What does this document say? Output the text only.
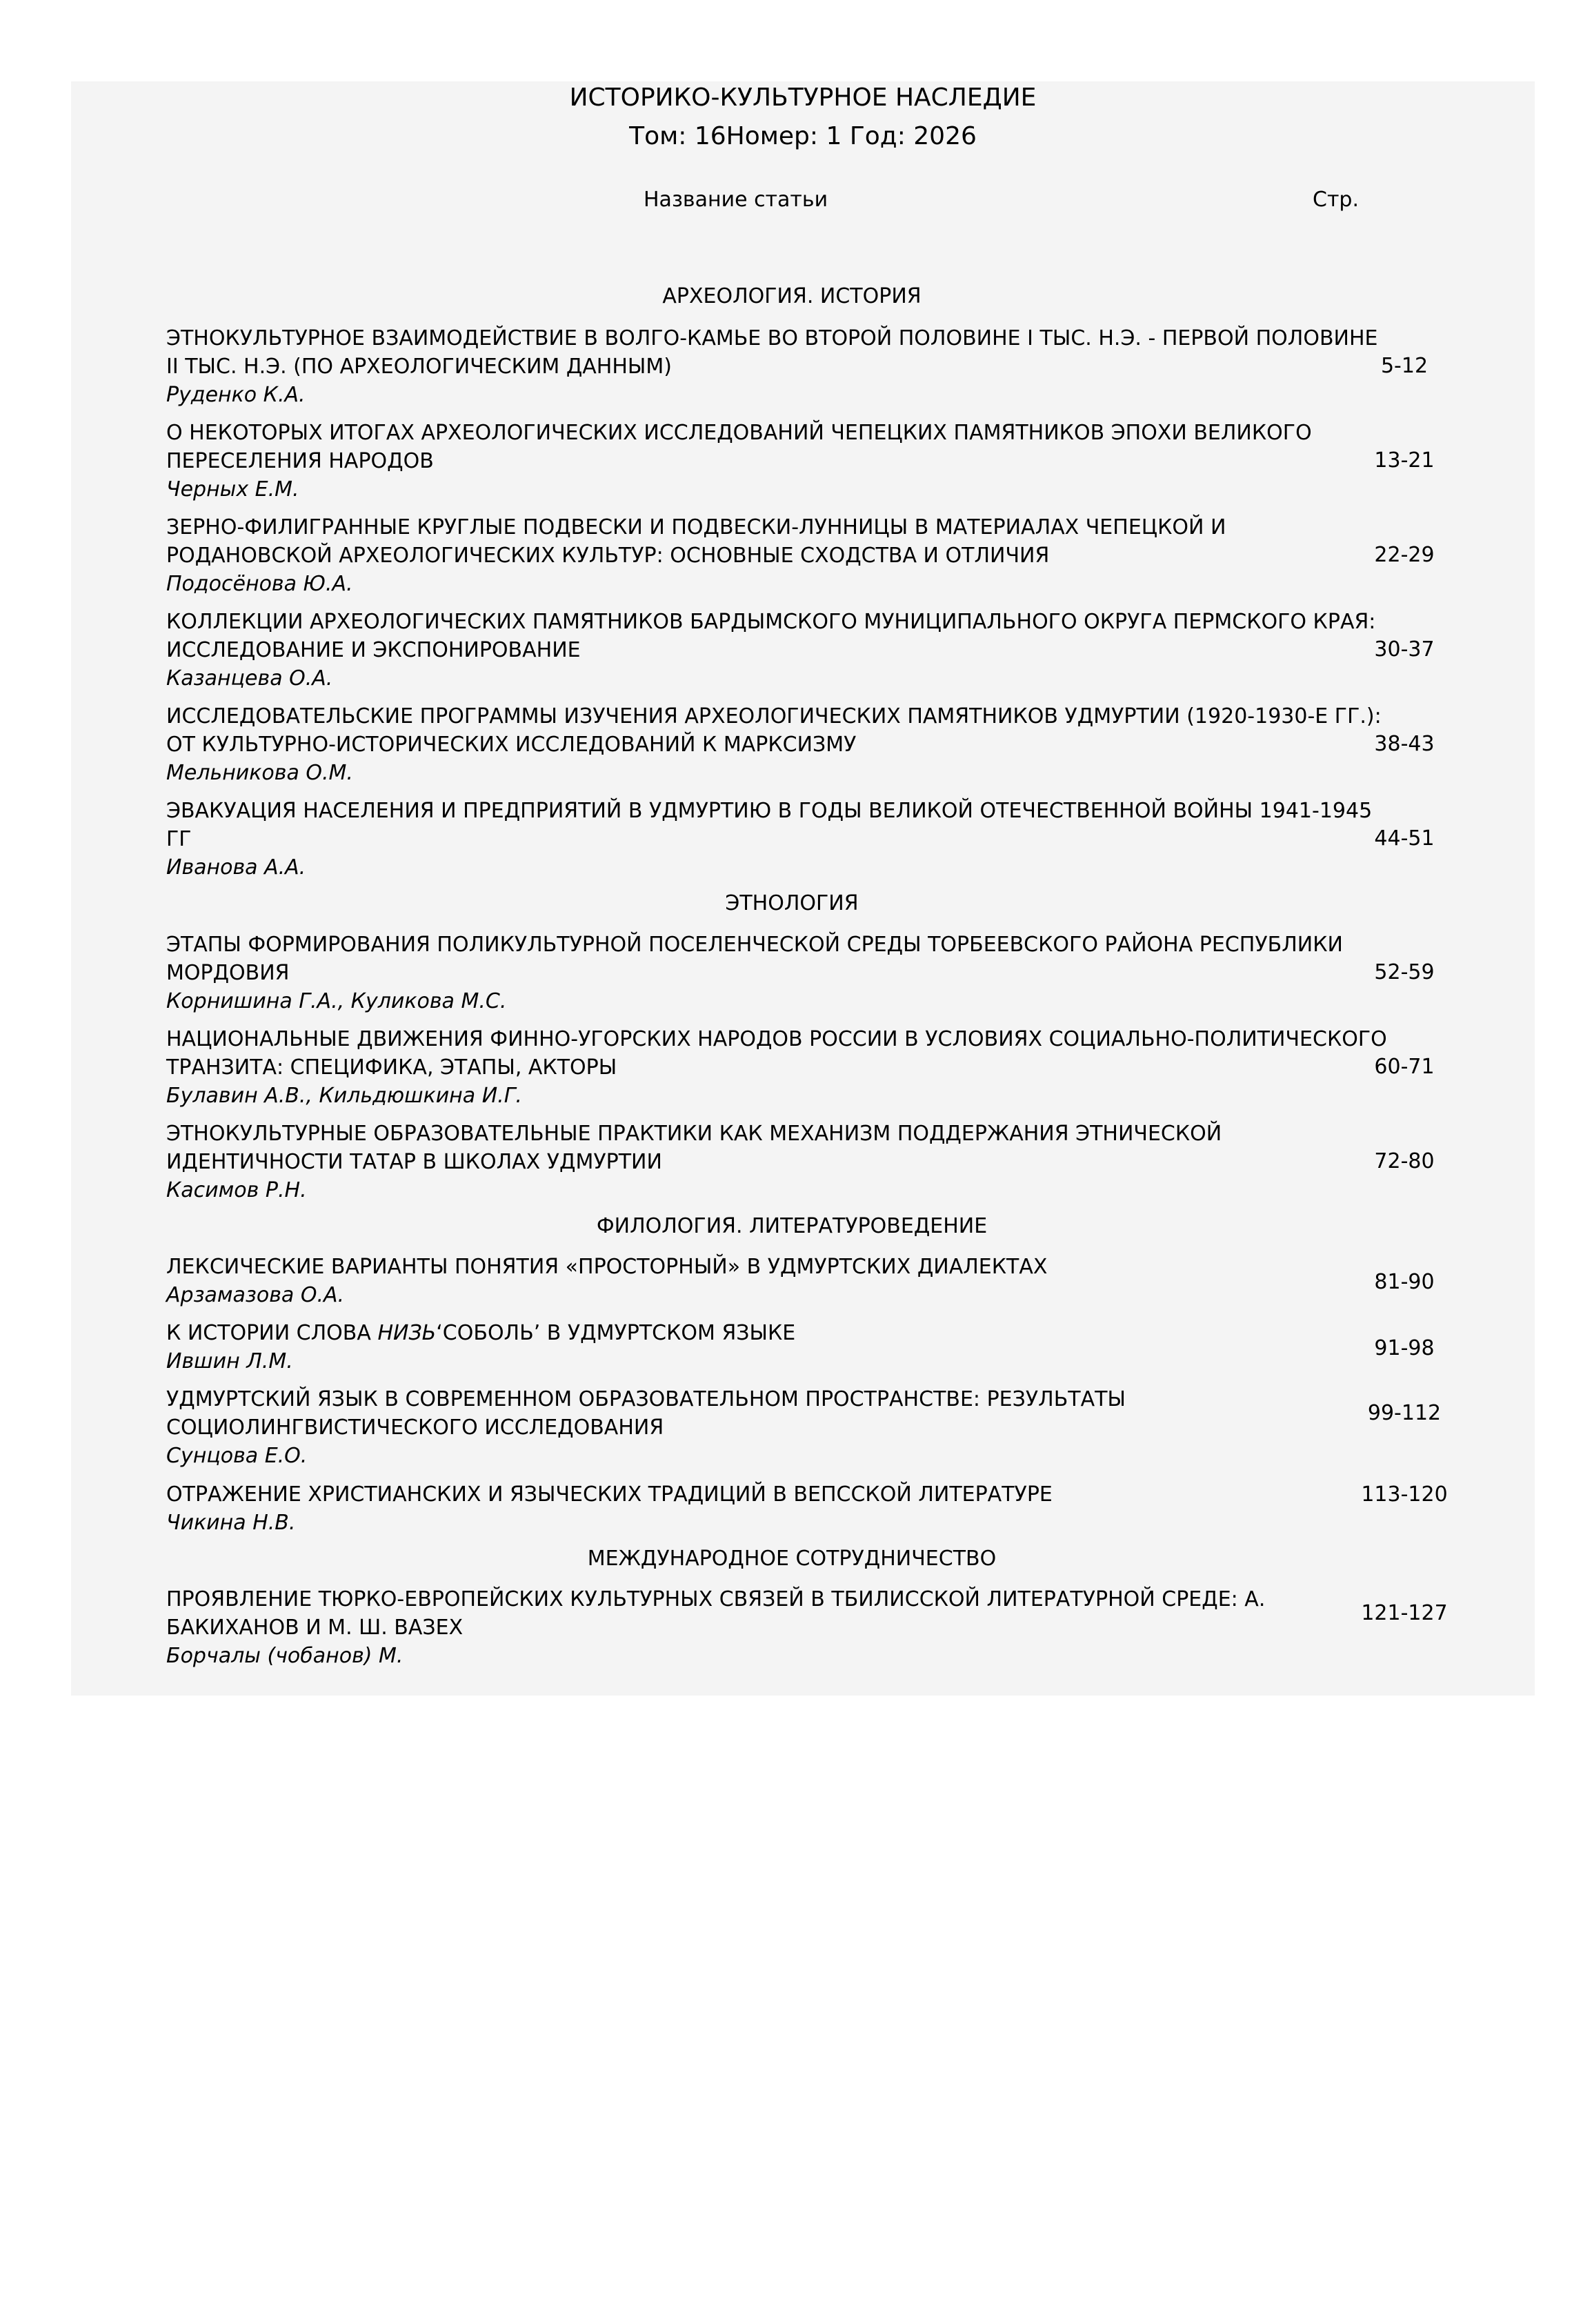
ИСТОРИКО-КУЛЬТУРНОЕ НАСЛЕДИЕ
Том: 16Номер: 1 Год: 2026
Название статьи	Стр.
АРХЕОЛОГИЯ. ИСТОРИЯ
ЭТНОКУЛЬТУРНОЕ ВЗАИМОДЕЙСТВИЕ В ВОЛГО-КАМЬЕ ВО ВТОРОЙ ПОЛОВИНЕ I ТЫС. Н.Э. - ПЕРВОЙ ПОЛОВИНЕ II ТЫС. Н.Э. (ПО АРХЕОЛОГИЧЕСКИМ ДАННЫМ)
Руденко К.А.
5-12
О НЕКОТОРЫХ ИТОГАХ АРХЕОЛОГИЧЕСКИХ ИССЛЕДОВАНИЙ ЧЕПЕЦКИХ ПАМЯТНИКОВ ЭПОХИ ВЕЛИКОГО ПЕРЕСЕЛЕНИЯ НАРОДОВ
Черных Е.М.
13-21
ЗЕРНО-ФИЛИГРАННЫЕ КРУГЛЫЕ ПОДВЕСКИ И ПОДВЕСКИ-ЛУННИЦЫ В МАТЕРИАЛАХ ЧЕПЕЦКОЙ И РОДАНОВСКОЙ АРХЕОЛОГИЧЕСКИХ КУЛЬТУР: ОСНОВНЫЕ СХОДСТВА И ОТЛИЧИЯ
Подосёнова Ю.А.
22-29
КОЛЛЕКЦИИ АРХЕОЛОГИЧЕСКИХ ПАМЯТНИКОВ БАРДЫМСКОГО МУНИЦИПАЛЬНОГО ОКРУГА ПЕРМСКОГО КРАЯ: ИССЛЕДОВАНИЕ И ЭКСПОНИРОВАНИЕ
Казанцева О.А.
30-37
ИССЛЕДОВАТЕЛЬСКИЕ ПРОГРАММЫ ИЗУЧЕНИЯ АРХЕОЛОГИЧЕСКИХ ПАМЯТНИКОВ УДМУРТИИ (1920-1930-Е ГГ.): ОТ КУЛЬТУРНО-ИСТОРИЧЕСКИХ ИССЛЕДОВАНИЙ К МАРКСИЗМУ
Мельникова О.М.
38-43
ЭВАКУАЦИЯ НАСЕЛЕНИЯ И ПРЕДПРИЯТИЙ В УДМУРТИЮ В ГОДЫ ВЕЛИКОЙ ОТЕЧЕСТВЕННОЙ ВОЙНЫ 1941-1945 ГГ
Иванова А.А.
44-51
ЭТНОЛОГИЯ
ЭТАПЫ ФОРМИРОВАНИЯ ПОЛИКУЛЬТУРНОЙ ПОСЕЛЕНЧЕСКОЙ СРЕДЫ ТОРБЕЕВСКОГО РАЙОНА РЕСПУБЛИКИ МОРДОВИЯ
Корнишина Г.А., Куликова М.С.
52-59
НАЦИОНАЛЬНЫЕ ДВИЖЕНИЯ ФИННО-УГОРСКИХ НАРОДОВ РОССИИ В УСЛОВИЯХ СОЦИАЛЬНО-ПОЛИТИЧЕСКОГО ТРАНЗИТА: СПЕЦИФИКА, ЭТАПЫ, АКТОРЫ
Булавин А.В., Кильдюшкина И.Г.
60-71
ЭТНОКУЛЬТУРНЫЕ ОБРАЗОВАТЕЛЬНЫЕ ПРАКТИКИ КАК МЕХАНИЗМ ПОДДЕРЖАНИЯ ЭТНИЧЕСКОЙ ИДЕНТИЧНОСТИ ТАТАР В ШКОЛАХ УДМУРТИИ
Касимов Р.Н.
72-80
ФИЛОЛОГИЯ. ЛИТЕРАТУРОВЕДЕНИЕ
ЛЕКСИЧЕСКИЕ ВАРИАНТЫ ПОНЯТИЯ «ПРОСТОРНЫЙ» В УДМУРТСКИХ ДИАЛЕКТАХ
Арзамазова О.А.
81-90
К ИСТОРИИ СЛОВА НИЗЬ‘СОБОЛЬ’ В УДМУРТСКОМ ЯЗЫКЕ
Ившин Л.М.
91-98
УДМУРТСКИЙ ЯЗЫК В СОВРЕМЕННОМ ОБРАЗОВАТЕЛЬНОМ ПРОСТРАНСТВЕ: РЕЗУЛЬТАТЫ СОЦИОЛИНГВИСТИЧЕСКОГО ИССЛЕДОВАНИЯ
Сунцова Е.О.
99-112
ОТРАЖЕНИЕ ХРИСТИАНСКИХ И ЯЗЫЧЕСКИХ ТРАДИЦИЙ В ВЕПССКОЙ ЛИТЕРАТУРЕ
Чикина Н.В.
113-120
МЕЖДУНАРОДНОЕ СОТРУДНИЧЕСТВО
ПРОЯВЛЕНИЕ ТЮРКО-ЕВРОПЕЙСКИХ КУЛЬТУРНЫХ СВЯЗЕЙ В ТБИЛИССКОЙ ЛИТЕРАТУРНОЙ СРЕДЕ: А. БАКИХАНОВ И М. Ш. ВАЗЕХ
Борчалы (чобанов) М.
121-127
